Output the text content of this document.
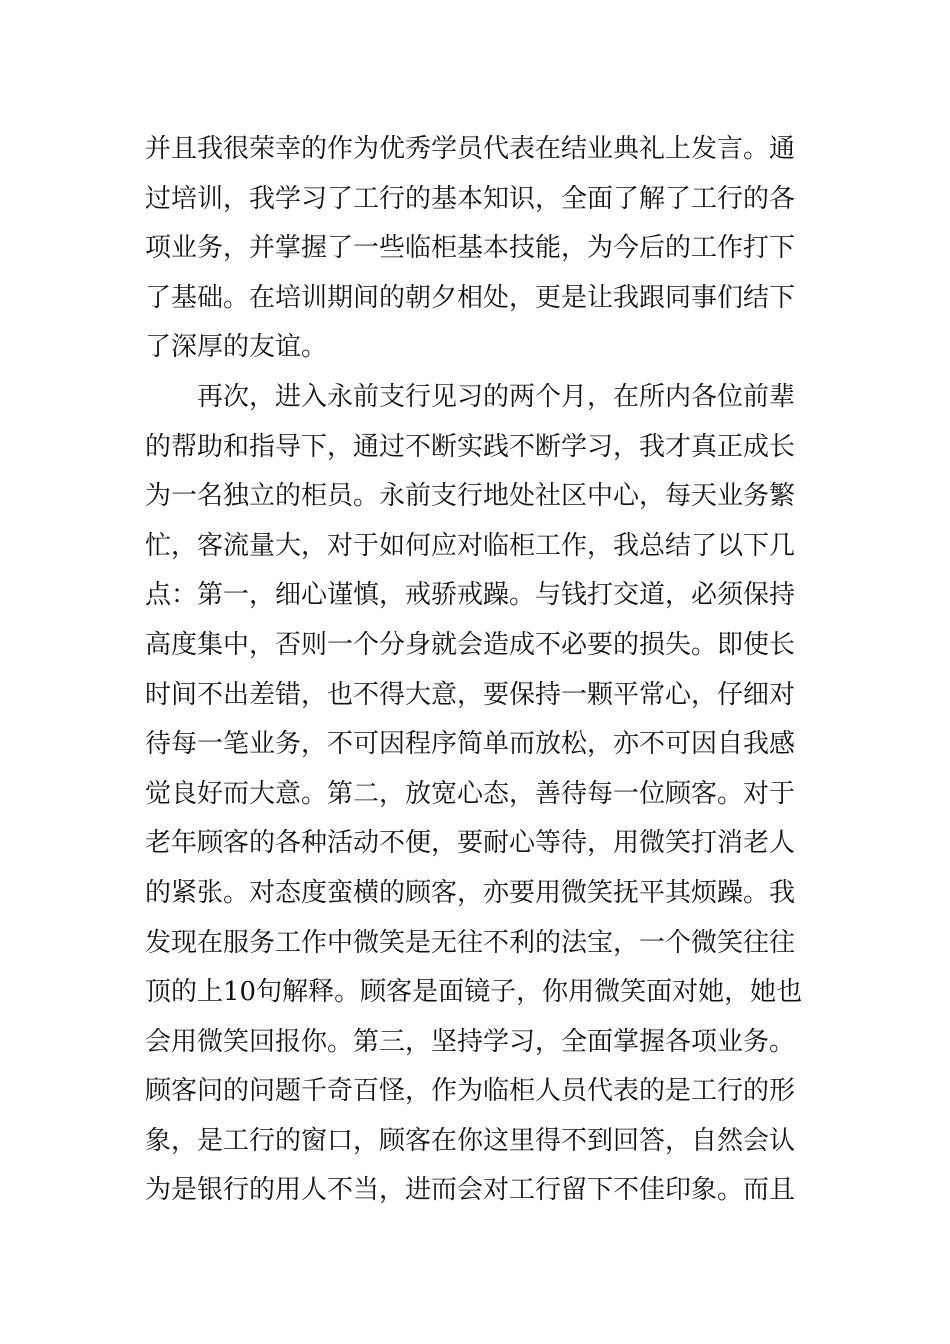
并且我很荣幸的作为优秀学员代表在结业典礼上发言。通
过培训，我学习了工行的基本知识，全面了解了工行的各
项业务，并掌握了一些临柜基本技能，为今后的工作打下
了基础。在培训期间的朝夕相处，更是让我跟同事们结下
了深厚的友谊。
再次，进入永前支行见习的两个月，在所内各位前辈
的帮助和指导下，通过不断实践不断学习，我才真正成长
为一名独立的柜员。永前支行地处社区中心，每天业务繁
忙，客流量大，对于如何应对临柜工作，我总结了以下几
点：第一，细心谨慎，戒骄戒躁。与钱打交道，必须保持
高度集中，否则一个分身就会造成不必要的损失。即使长
时间不出差错，也不得大意，要保持一颗平常心，仔细对
待每一笔业务，不可因程序简单而放松，亦不可因自我感
觉良好而大意。第二，放宽心态，善待每一位顾客。对于
老年顾客的各种活动不便，要耐心等待，用微笑打消老人
的紧张。对态度蛮横的顾客，亦要用微笑抚平其烦躁。我
发现在服务工作中微笑是无往不利的法宝，一个微笑往往
顶的上10句解释。顾客是面镜子，你用微笑面对她，她也
会用微笑回报你。第三，坚持学习，全面掌握各项业务。
顾客问的问题千奇百怪，作为临柜人员代表的是工行的形
象，是工行的窗口，顾客在你这里得不到回答，自然会认
为是银行的用人不当，进而会对工行留下不佳印象。而且
